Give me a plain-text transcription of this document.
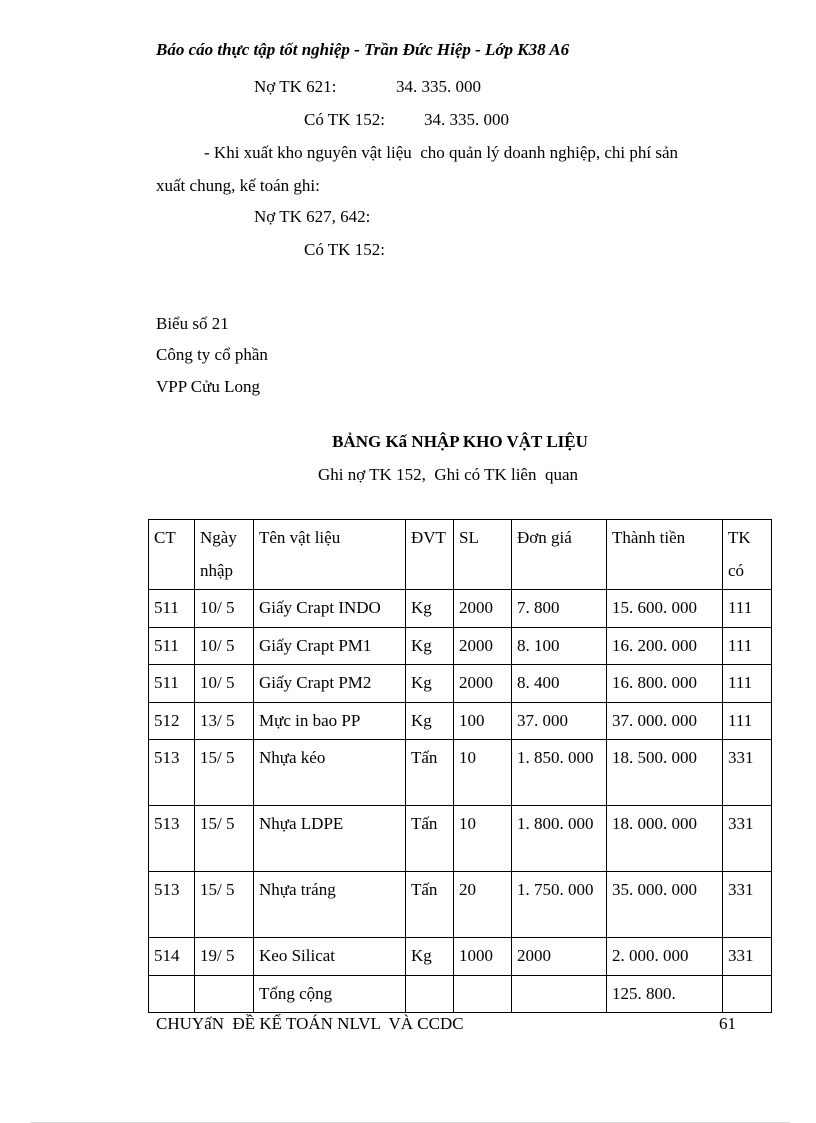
Báo cáo thực tập tốt nghiệp - Trần Đức Hiệp - Lớp K38 A6
Nợ TK 621:	34. 335. 000
Có TK 152: 34. 335. 000
- Khi xuất kho nguyên vật liệu  cho quản lý doanh nghiệp, chi phí sản
xuất chung, kế toán ghi:
Nợ TK 627, 642:
Có TK 152:
Biểu số 21
Công ty cổ phần
VPP Cửu Long
BẢNG Kấ NHẬP KHO VẬT LIỆU
Ghi nợ TK 152,  Ghi có TK liên  quan
CT	Ngày nhập	Tên vật liệu	ĐVT	SL	Đơn giá	Thành tiền	TK có
511	10/ 5	Giấy Crapt INDO	Kg	2000	7. 800	15. 600. 000	111
511	10/ 5	Giấy Crapt PM1	Kg	2000	8. 100	16. 200. 000	111
511	10/ 5	Giấy Crapt PM2	Kg	2000	8. 400	16. 800. 000	111
512	13/ 5	Mực in bao PP	Kg	100	37. 000	37. 000. 000	111
513	15/ 5	Nhựa kéo	Tấn	10	1. 850. 000	18. 500. 000	331
513	15/ 5	Nhựa LDPE	Tấn	10	1. 800. 000	18. 000. 000	331
513	15/ 5	Nhựa tráng	Tấn	20	1. 750. 000	35. 000. 000	331
514	19/ 5	Keo Silicat	Kg	1000	2000	2. 000. 000	331
		Tổng cộng				125. 800.	
CHUYấN  ĐỀ KẾ TOÁN NLVL  VÀ CCDC	61
